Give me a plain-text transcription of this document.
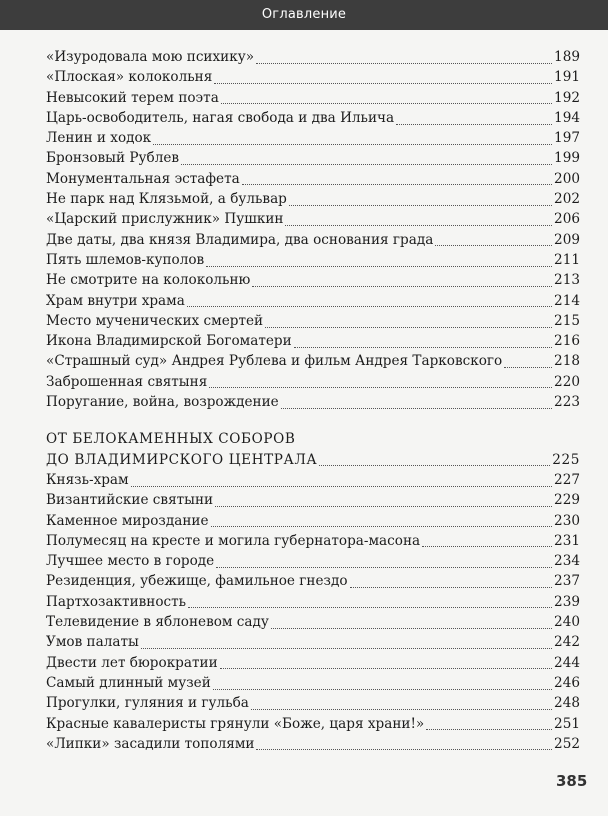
Оглавление
«Изуродовала мою психику»	189
«Плоская» колокольня	191
Невысокий терем поэта	192
Царь-освободитель, нагая свобода и два Ильича	194
Ленин и ходок	197
Бронзовый Рублев	199
Монументальная эстафета	200
Не парк над Клязьмой, а бульвар	202
«Царский прислужник» Пушкин	206
Две даты, два князя Владимира, два основания града	209
Пять шлемов-куполов	211
Не смотрите на колокольню	213
Храм внутри храма	214
Место мученических смертей	215
Икона Владимирской Богоматери	216
«Страшный суд» Андрея Рублева и фильм Андрея Тарковского	218
Заброшенная святыня	220
Поругание, война, возрождение	223
ОТ БЕЛОКАМЕННЫХ СОБОРОВ
ДО ВЛАДИМИРСКОГО ЦЕНТРАЛА	225
Князь-храм	227
Византийские святыни	229
Каменное мироздание	230
Полумесяц на кресте и могила губернатора-масона	231
Лучшее место в городе	234
Резиденция, убежище, фамильное гнездо	237
Партхозактивность	239
Телевидение в яблоневом саду	240
Умов палаты	242
Двести лет бюрократии	244
Самый длинный музей	246
Прогулки, гуляния и гульба	248
Красные кавалеристы грянули «Боже, царя храни!»	251
«Липки» засадили тополями	252
385
